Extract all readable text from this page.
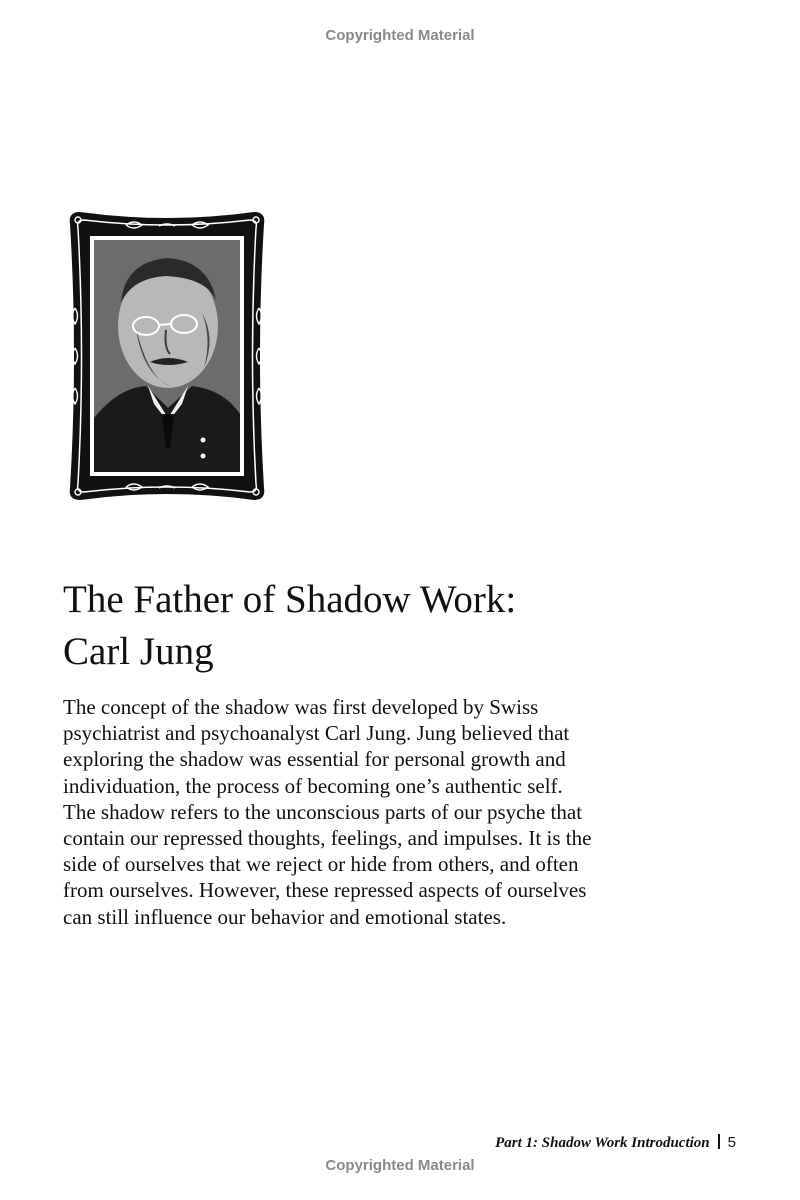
Copyrighted Material
The Father of Shadow Work:
Carl Jung

The concept of the shadow was first developed by Swiss
psychiatrist and psychoanalyst Carl Jung. Jung believed that
exploring the shadow was essential for personal growth and
individuation, the process of becoming one’s authentic self.
The shadow refers to the unconscious parts of our psyche that
contain our repressed thoughts, feelings, and impulses. It is the
side of ourselves that we reject or hide from others, and often
from ourselves. However, these repressed aspects of ourselves
can still influence our behavior and emotional states.

Part 1: Shadow Work Introduction 5
Copyrighted Material
